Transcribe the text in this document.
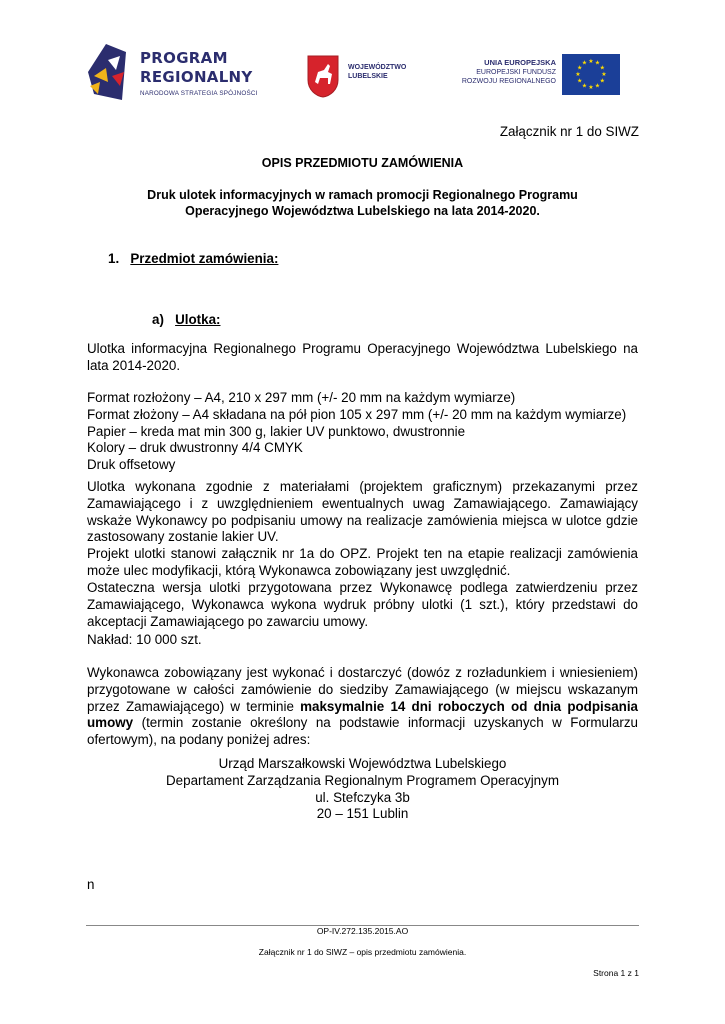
PROGRAM
REGIONALNY
NARODOWA STRATEGIA SPÓJNOŚCI
WOJEWÓDZTWO
LUBELSKIE
UNIA EUROPEJSKA
EUROPEJSKI FUNDUSZ
ROZWOJU REGIONALNEGO
★ ★
★
★
★
★
★
★
★
★
★
★
Załącznik nr 1 do SIWZ
OPIS PRZEDMIOTU ZAMÓWIENIA
Druk ulotek informacyjnych w ramach promocji Regionalnego Programu
Operacyjnego Województwa Lubelskiego na lata 2014-2020.
1. Przedmiot zamówienia:
a) Ulotka:
Ulotka informacyjna Regionalnego Programu Operacyjnego Województwa Lubelskiego na lata 2014-2020.
Format rozłożony – A4, 210 x 297 mm (+/- 20 mm na każdym wymiarze)
Format złożony – A4 składana na pół pion 105 x 297 mm (+/- 20 mm na każdym wymiarze)
Papier – kreda mat min 300 g, lakier UV punktowo, dwustronnie
Kolory – druk dwustronny 4/4 CMYK
Druk offsetowy
Ulotka wykonana zgodnie z materiałami (projektem graficznym) przekazanymi przez Zamawiającego i z uwzględnieniem ewentualnych uwag Zamawiającego. Zamawiający wskaże Wykonawcy po podpisaniu umowy na realizacje zamówienia miejsca w ulotce gdzie zastosowany zostanie lakier UV.
Projekt ulotki stanowi załącznik nr 1a do OPZ. Projekt ten na etapie realizacji zamówienia może ulec modyfikacji, którą Wykonawca zobowiązany jest uwzględnić.
Ostateczna wersja ulotki przygotowana przez Wykonawcę podlega zatwierdzeniu przez Zamawiającego, Wykonawca wykona wydruk próbny ulotki (1 szt.), który przedstawi do akceptacji Zamawiającego po zawarciu umowy.
Nakład: 10 000 szt.
Wykonawca zobowiązany jest wykonać i dostarczyć (dowóz z rozładunkiem i wniesieniem) przygotowane w całości zamówienie do siedziby Zamawiającego (w miejscu wskazanym przez Zamawiającego) w terminie maksymalnie 14 dni roboczych od dnia podpisania umowy (termin zostanie określony na podstawie informacji uzyskanych w Formularzu ofertowym), na podany poniżej adres:
Urząd Marszałkowski Województwa Lubelskiego
Departament Zarządzania Regionalnym Programem Operacyjnym
ul. Stefczyka 3b
20 – 151 Lublin
n
OP-IV.272.135.2015.AO
Załącznik nr 1 do SIWZ – opis przedmiotu zamówienia.
Strona 1 z 1
